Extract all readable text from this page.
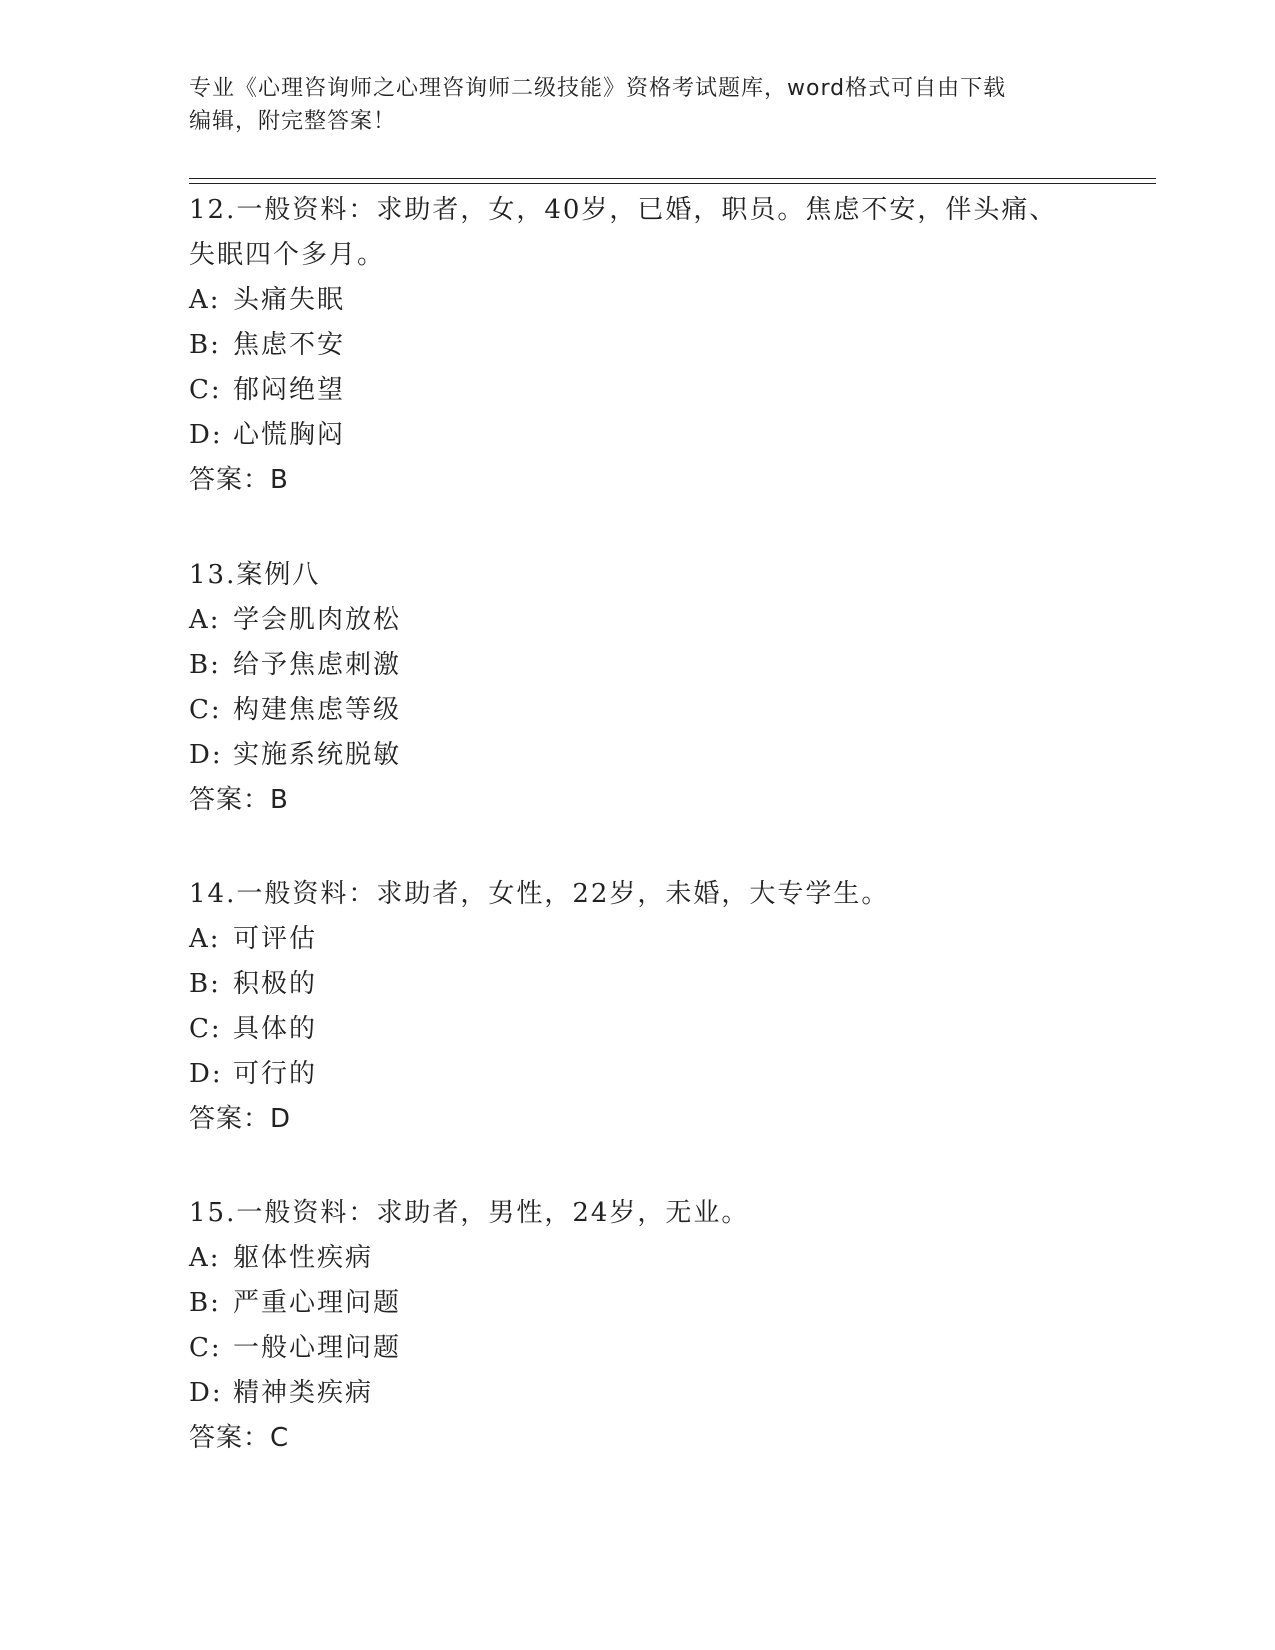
专业《心理咨询师之心理咨询师二级技能》资格考试题库，word格式可自由下载
编辑，附完整答案！
12.一般资料：求助者，女，40岁，已婚，职员。焦虑不安，伴头痛、
失眠四个多月。
A: 头痛失眠
B: 焦虑不安
C: 郁闷绝望
D: 心慌胸闷
答案：B
13.案例八
A: 学会肌肉放松
B: 给予焦虑刺激
C: 构建焦虑等级
D: 实施系统脱敏
答案：B
14.一般资料：求助者，女性，22岁，未婚，大专学生。
A: 可评估
B: 积极的
C: 具体的
D: 可行的
答案：D
15.一般资料：求助者，男性，24岁，无业。
A: 躯体性疾病
B: 严重心理问题
C: 一般心理问题
D: 精神类疾病
答案：C
